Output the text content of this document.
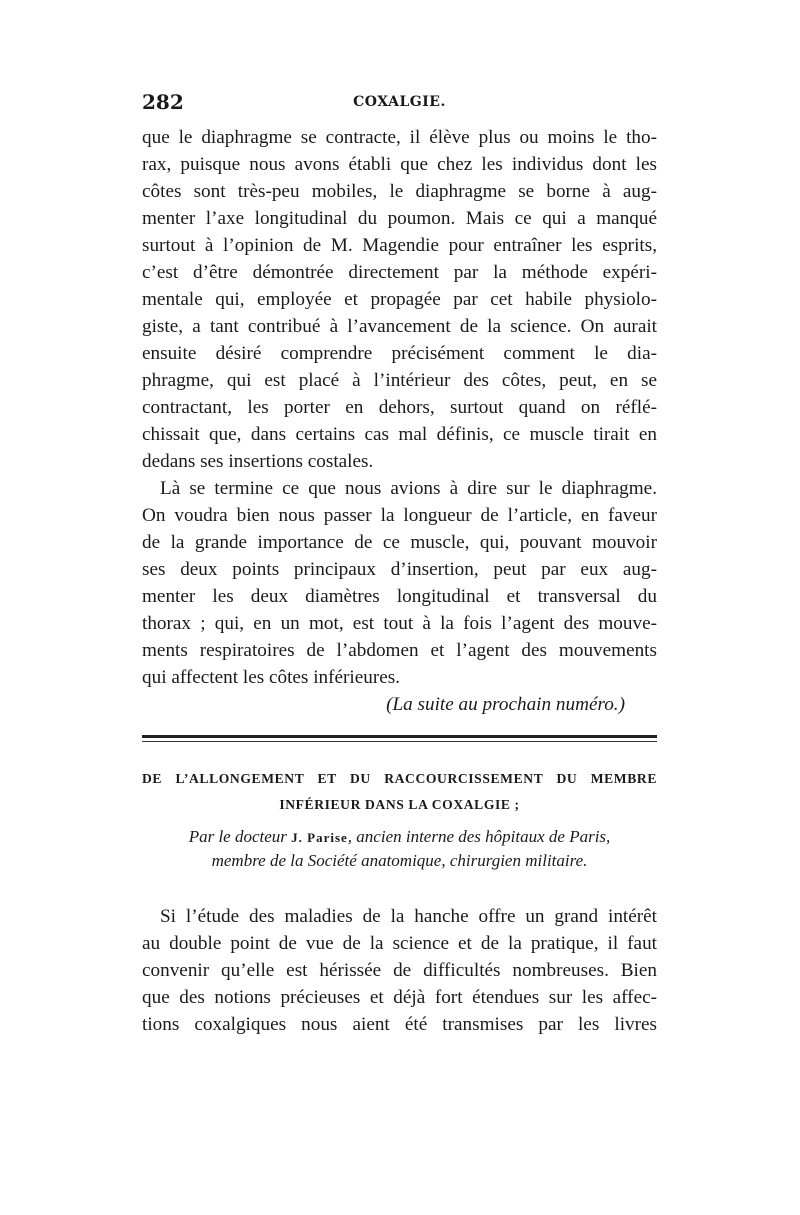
282	COXALGIE.
que le diaphragme se contracte, il élève plus ou moins le tho-
rax, puisque nous avons établi que chez les individus dont les
côtes sont très-peu mobiles, le diaphragme se borne à aug-
menter l’axe longitudinal du poumon. Mais ce qui a manqué
surtout à l’opinion de M. Magendie pour entraîner les esprits,
c’est d’être démontrée directement par la méthode expéri-
mentale qui, employée et propagée par cet habile physiolo-
giste, a tant contribué à l’avancement de la science. On aurait
ensuite désiré comprendre précisément comment le dia-
phragme, qui est placé à l’intérieur des côtes, peut, en se
contractant, les porter en dehors, surtout quand on réflé-
chissait que, dans certains cas mal définis, ce muscle tirait en
dedans ses insertions costales.
Là se termine ce que nous avions à dire sur le diaphragme.
On voudra bien nous passer la longueur de l’article, en faveur
de la grande importance de ce muscle, qui, pouvant mouvoir
ses deux points principaux d’insertion, peut par eux aug-
menter les deux diamètres longitudinal et transversal du
thorax ; qui, en un mot, est tout à la fois l’agent des mouve-
ments respiratoires de l’abdomen et l’agent des mouvements
qui affectent les côtes inférieures.
(La suite au prochain numéro.)
DE L’ALLONGEMENT ET DU RACCOURCISSEMENT DU MEMBRE
INFÉRIEUR DANS LA COXALGIE ;
Par le docteur J. Parise, ancien interne des hôpitaux de Paris,
membre de la Société anatomique, chirurgien militaire.
Si l’étude des maladies de la hanche offre un grand intérêt
au double point de vue de la science et de la pratique, il faut
convenir qu’elle est hérissée de difficultés nombreuses. Bien
que des notions précieuses et déjà fort étendues sur les affec-
tions coxalgiques nous aient été transmises par les livres
